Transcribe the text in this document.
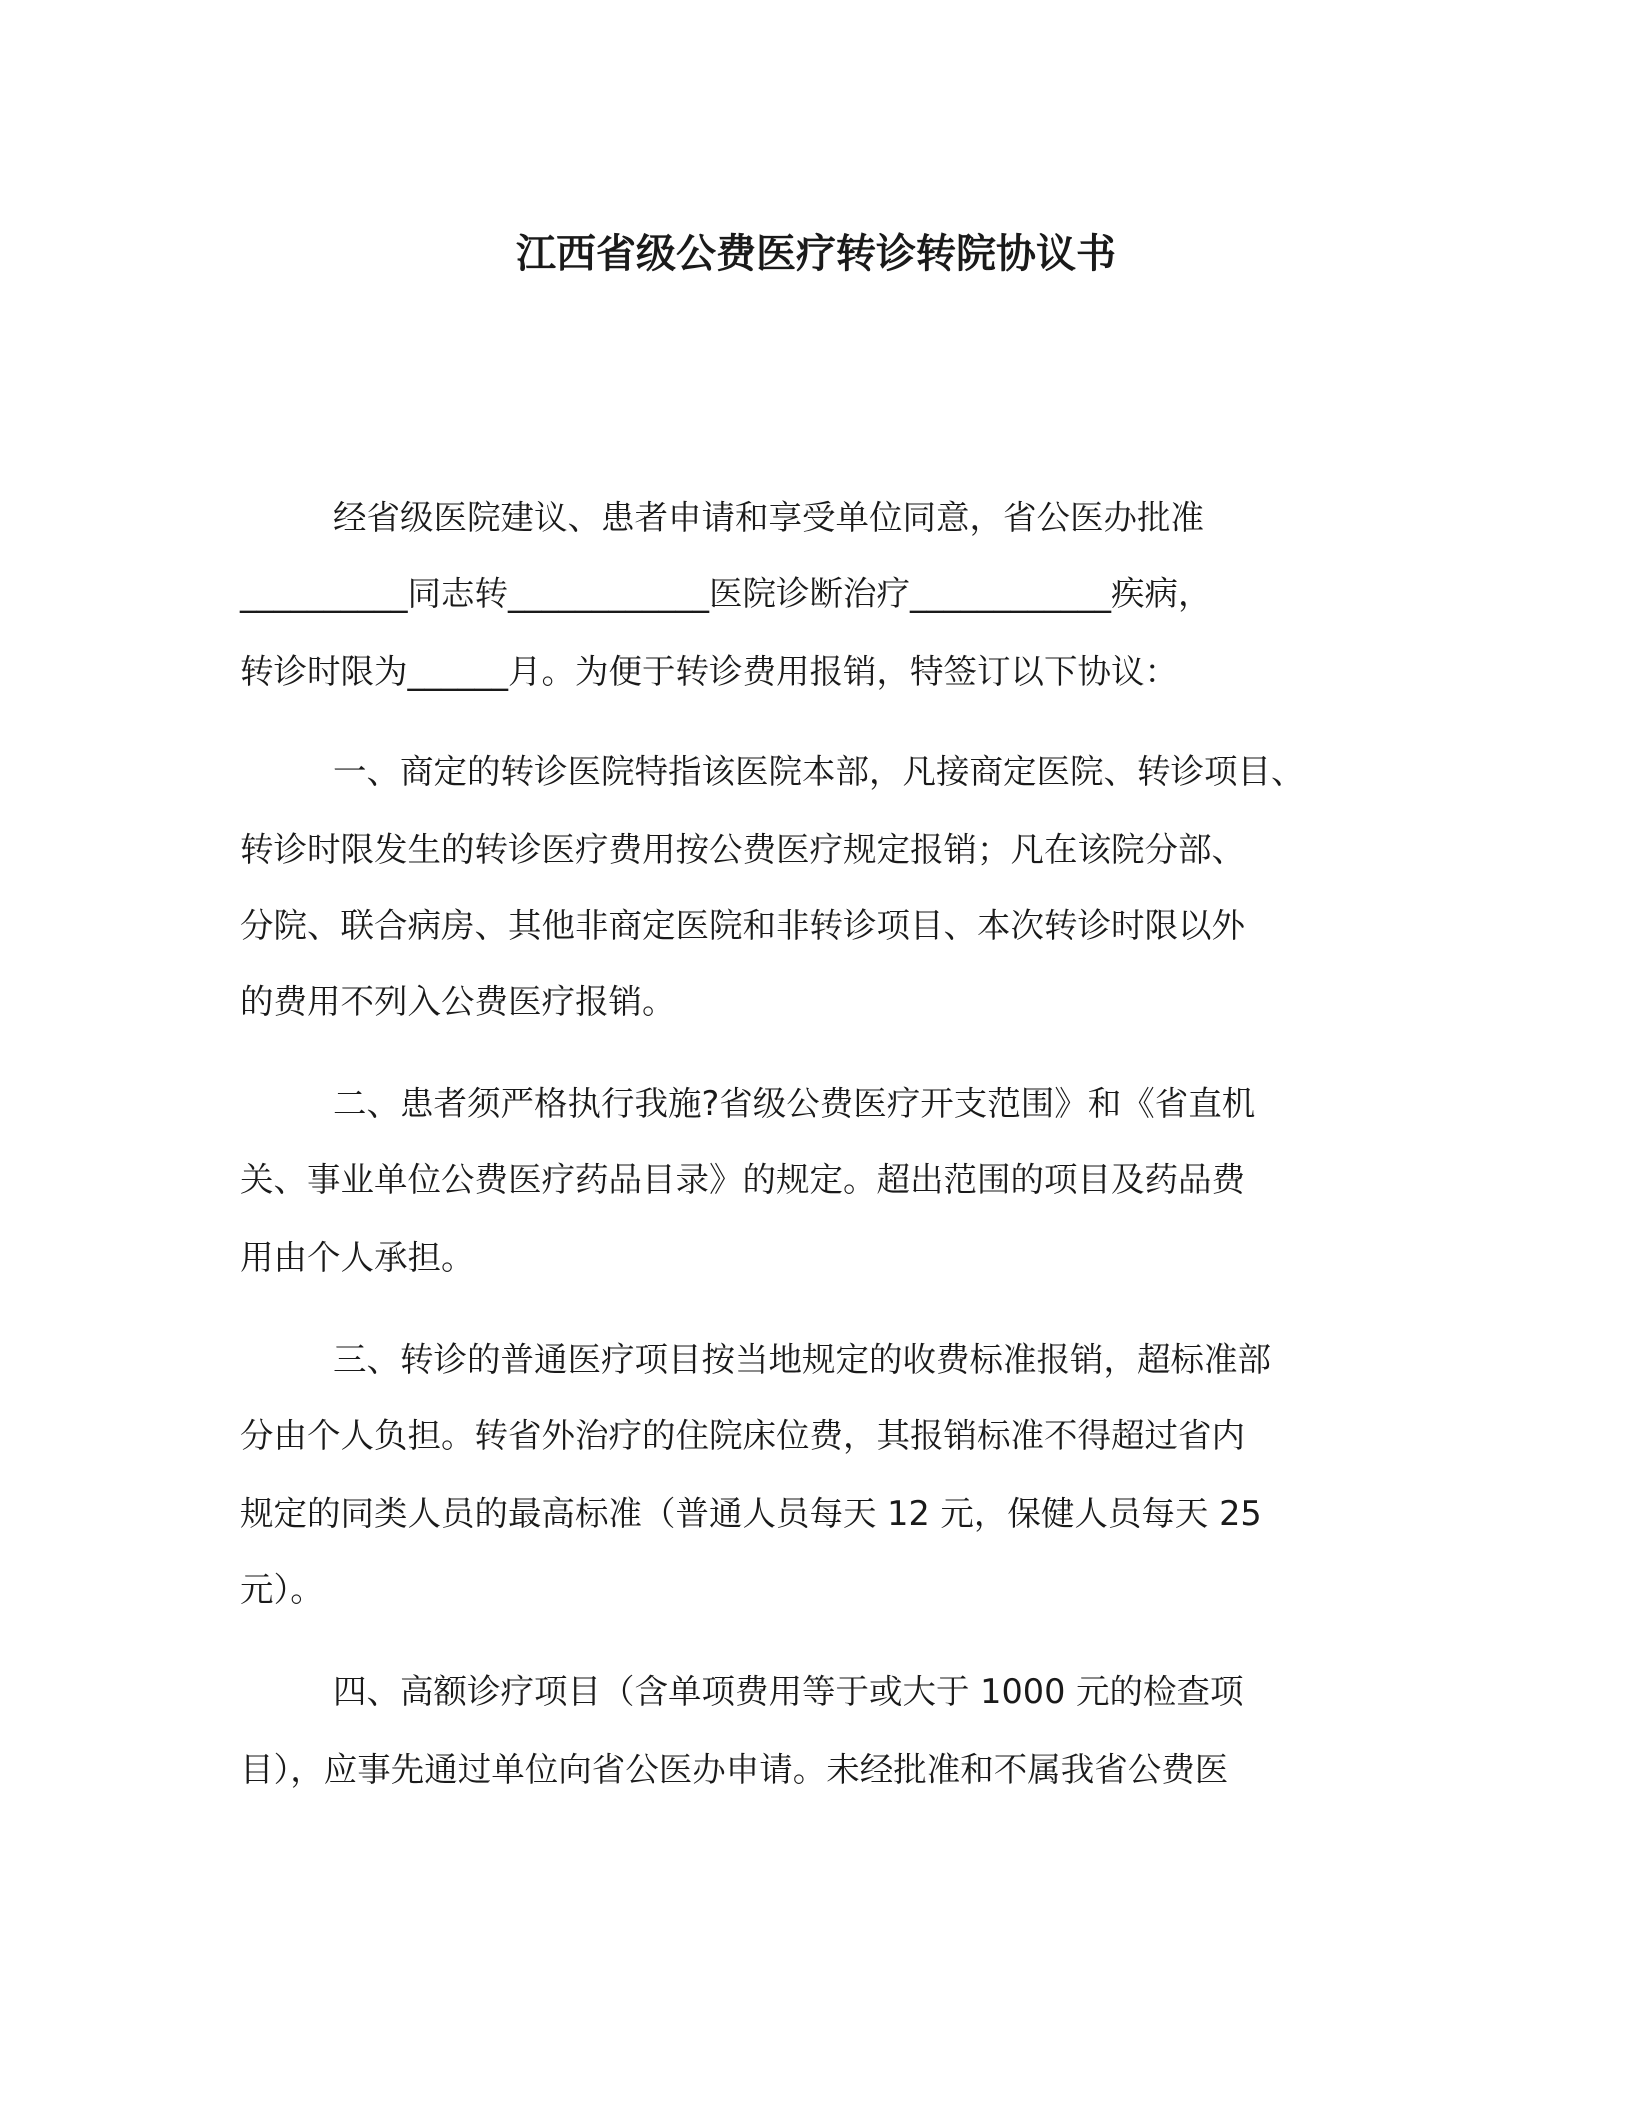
江西省级公费医疗转诊转院协议书

经省级医院建议、患者申请和享受单位同意，省公医办批准

__________同志转____________医院诊断治疗____________疾病，

转诊时限为______月。为便于转诊费用报销，特签订以下协议：

一、商定的转诊医院特指该医院本部，凡接商定医院、转诊项目、

转诊时限发生的转诊医疗费用按公费医疗规定报销；凡在该院分部、

分院、联合病房、其他非商定医院和非转诊项目、本次转诊时限以外

的费用不列入公费医疗报销。

二、患者须严格执行我施?省级公费医疗开支范围》和《省直机

关、事业单位公费医疗药品目录》的规定。超出范围的项目及药品费

用由个人承担。

三、转诊的普通医疗项目按当地规定的收费标准报销，超标准部

分由个人负担。转省外治疗的住院床位费，其报销标准不得超过省内

规定的同类人员的最高标准（普通人员每天 12 元，保健人员每天 25

元）。

四、高额诊疗项目（含单项费用等于或大于 1000 元的检查项

目），应事先通过单位向省公医办申请。未经批准和不属我省公费医
